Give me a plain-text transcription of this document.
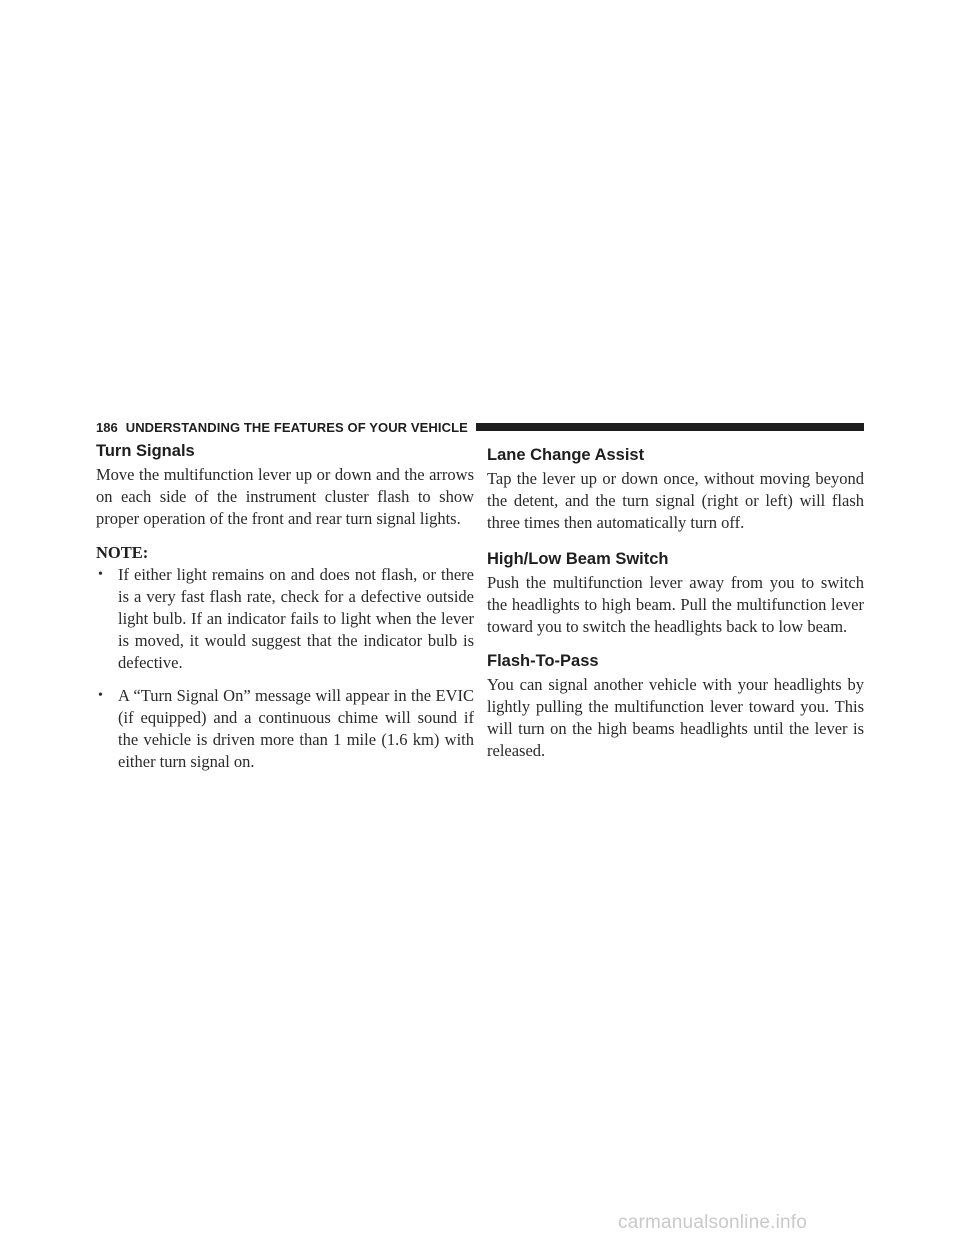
186 UNDERSTANDING THE FEATURES OF YOUR VEHICLE
Turn Signals

Move the multifunction lever up or down and the arrows on each side of the instrument cluster flash to show proper operation of the front and rear turn signal lights.

NOTE:
• If either light remains on and does not flash, or there is a very fast flash rate, check for a defective outside light bulb. If an indicator fails to light when the lever is moved, it would suggest that the indicator bulb is defective.
• A “Turn Signal On” message will appear in the EVIC (if equipped) and a continuous chime will sound if the vehicle is driven more than 1 mile (1.6 km) with either turn signal on.
Lane Change Assist

Tap the lever up or down once, without moving beyond the detent, and the turn signal (right or left) will flash three times then automatically turn off.

High/Low Beam Switch

Push the multifunction lever away from you to switch the headlights to high beam. Pull the multifunction lever toward you to switch the headlights back to low beam.

Flash-To-Pass

You can signal another vehicle with your headlights by lightly pulling the multifunction lever toward you. This will turn on the high beams headlights until the lever is released.

carmanualsonline.info
